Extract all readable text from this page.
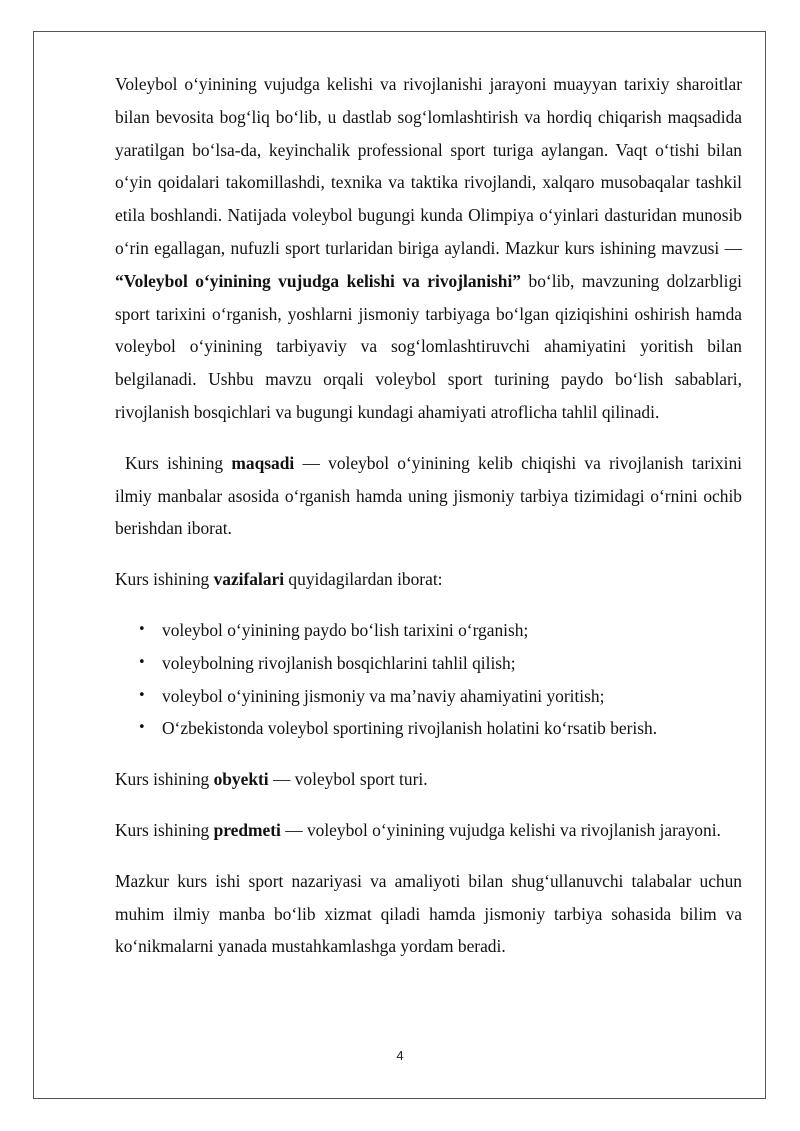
Voleybol o‘yinining vujudga kelishi va rivojlanishi jarayoni muayyan tarixiy sharoitlar bilan bevosita bog‘liq bo‘lib, u dastlab sog‘lomlashtirish va hordiq chiqarish maqsadida yaratilgan bo‘lsa-da, keyinchalik professional sport turiga aylangan. Vaqt o‘tishi bilan o‘yin qoidalari takomillashdi, texnika va taktika rivojlandi, xalqaro musobaqalar tashkil etila boshlandi. Natijada voleybol bugungi kunda Olimpiya o‘yinlari dasturidan munosib o‘rin egallagan, nufuzli sport turlaridan biriga aylandi. Mazkur kurs ishining mavzusi — “Voleybol o‘yinining vujudga kelishi va rivojlanishi” bo‘lib, mavzuning dolzarbligi sport tarixini o‘rganish, yoshlarni jismoniy tarbiyaga bo‘lgan qiziqishini oshirish hamda voleybol o‘yinining tarbiyaviy va sog‘lomlashtiruvchi ahamiyatini yoritish bilan belgilanadi. Ushbu mavzu orqali voleybol sport turining paydo bo‘lish sabablari, rivojlanish bosqichlari va bugungi kundagi ahamiyati atroflicha tahlil qilinadi.

Kurs ishining maqsadi — voleybol o‘yinining kelib chiqishi va rivojlanish tarixini ilmiy manbalar asosida o‘rganish hamda uning jismoniy tarbiya tizimidagi o‘rnini ochib berishdan iborat.

Kurs ishining vazifalari quyidagilardan iborat:

• voleybol o‘yinining paydo bo‘lish tarixini o‘rganish;
• voleybolning rivojlanish bosqichlarini tahlil qilish;
• voleybol o‘yinining jismoniy va ma’naviy ahamiyatini yoritish;
• O‘zbekistonda voleybol sportining rivojlanish holatini ko‘rsatib berish.

Kurs ishining obyekti — voleybol sport turi.

Kurs ishining predmeti — voleybol o‘yinining vujudga kelishi va rivojlanish jarayoni.

Mazkur kurs ishi sport nazariyasi va amaliyoti bilan shug‘ullanuvchi talabalar uchun muhim ilmiy manba bo‘lib xizmat qiladi hamda jismoniy tarbiya sohasida bilim va ko‘nikmalarni yanada mustahkamlashga yordam beradi.

4
